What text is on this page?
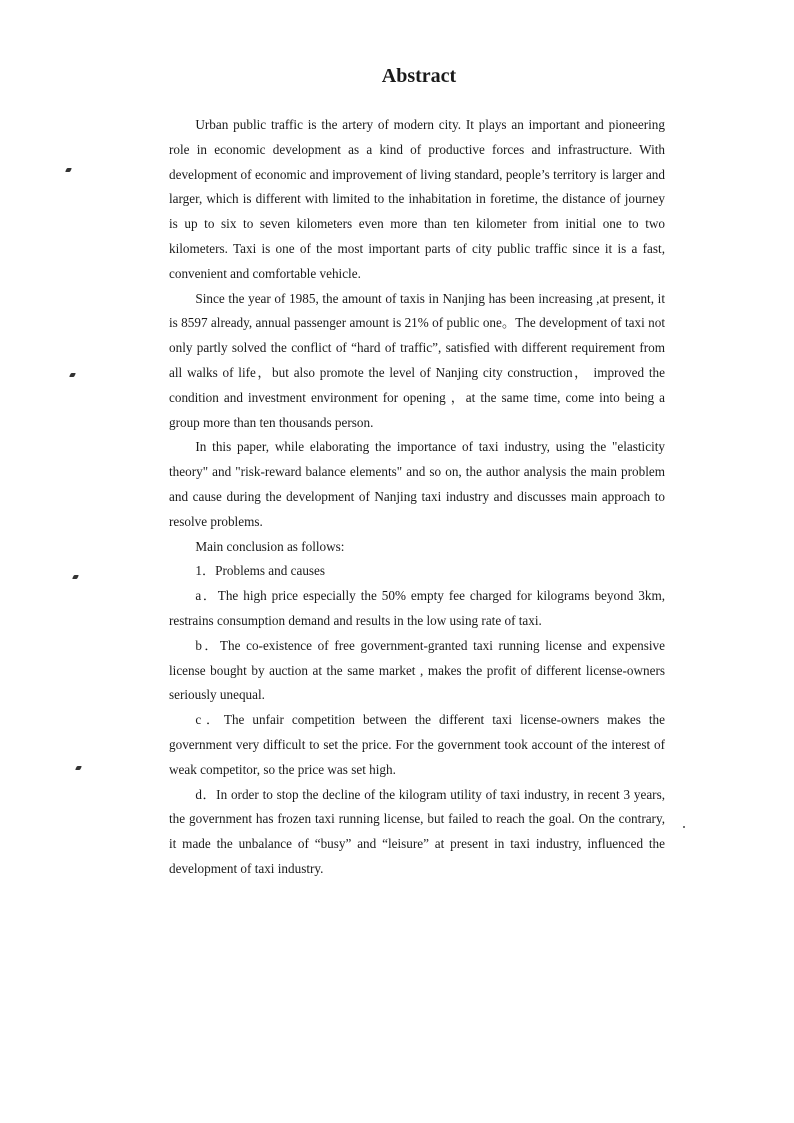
Abstract

Urban public traffic is the artery of modern city. It plays an important and pioneering role in economic development as a kind of productive forces and infrastructure. With development of economic and improvement of living standard, people’s territory is larger and larger, which is different with limited to the inhabitation in foretime, the distance of journey is up to six to seven kilometers even more than ten kilometer from initial one to two kilometers. Taxi is one of the most important parts of city public traffic since it is a fast, convenient and comfortable vehicle.

Since the year of 1985, the amount of taxis in Nanjing has been increasing ,at present, it is 8597 already, annual passenger amount is 21% of public one。The development of taxi not only partly solved the conflict of “hard of traffic”, satisfied with different requirement from all walks of life，but also promote the level of Nanjing city construction， improved the condition and investment environment for opening ，at the same time, come into being a group more than ten thousands person.

In this paper, while elaborating the importance of taxi industry, using the "elasticity theory" and "risk-reward balance elements" and so on, the author analysis the main problem and cause during the development of Nanjing taxi industry and discusses main approach to resolve problems.

Main conclusion as follows:

1．Problems and causes

a．The high price especially the 50% empty fee charged for kilograms beyond 3km, restrains consumption demand and results in the low using rate of taxi.

b．The co-existence of free government-granted taxi running license and expensive license bought by auction at the same market , makes the profit of different license-owners seriously unequal.

c．The unfair competition between the different taxi license-owners makes the government very difficult to set the price. For the government took account of the interest of weak competitor, so the price was set high.

d．In order to stop the decline of the kilogram utility of taxi industry, in recent 3 years, the government has frozen taxi running license, but failed to reach the goal. On the contrary, it made the unbalance of “busy” and “leisure” at present in taxi industry, influenced the development of taxi industry.
